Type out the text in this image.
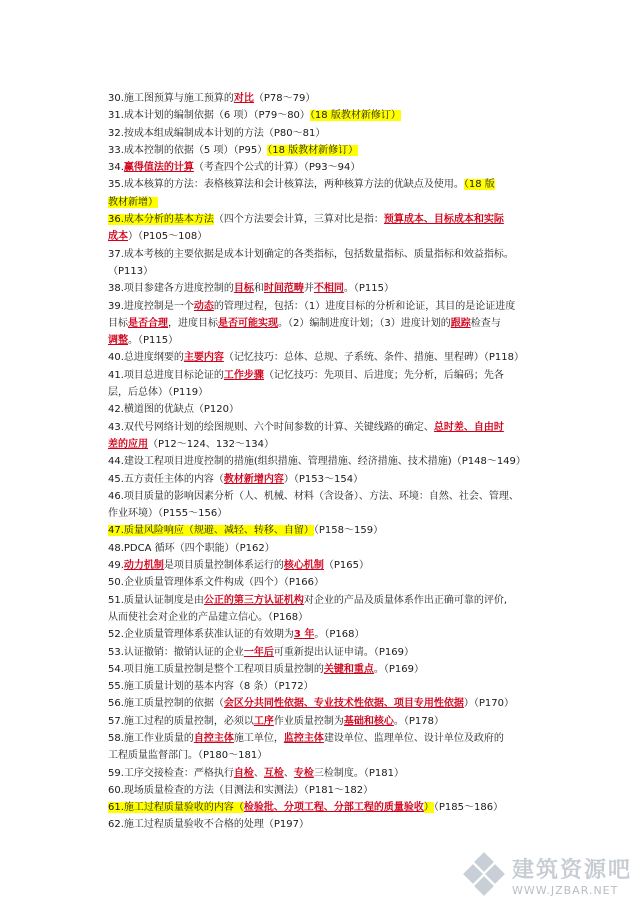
30.施工图预算与施工预算的对比（P78～79）
31.成本计划的编制依据（6 项）（P79～80）（18 版教材新修订）
32.按成本组成编制成本计划的方法（P80～81）
33.成本控制的依据（5 项）（P95）（18 版教材新修订）
34.赢得值法的计算（考查四个公式的计算）（P93～94）
35.成本核算的方法：表格核算法和会计核算法，两种核算方法的优缺点及使用。（18 版
教材新增）
36.成本分析的基本方法（四个方法要会计算，三算对比是指：预算成本、目标成本和实际
成本）（P105～108）
37.成本考核的主要依据是成本计划确定的各类指标，包括数量指标、质量指标和效益指标。
（P113）
38.项目参建各方进度控制的目标和时间范畴并不相同。（P115）
39.进度控制是一个动态的管理过程，包括：（1）进度目标的分析和论证，其目的是论证进度
目标是否合理，进度目标是否可能实现。（2）编制进度计划；（3）进度计划的跟踪检查与
调整。（P115）
40.总进度纲要的主要内容（记忆技巧：总体、总规、子系统、条件、措施、里程碑）（P118）
41.项目总进度目标论证的工作步骤（记忆技巧：先项目、后进度；先分析，后编码；先各
层，后总体）（P119）
42.横道图的优缺点（P120）
43.双代号网络计划的绘图规则、六个时间参数的计算、关键线路的确定、总时差、自由时
差的应用（P12～124、132～134）
44.建设工程项目进度控制的措施(组织措施、管理措施、经济措施、技术措施)（P148～149）
45.五方责任主体的内容（教材新增内容）（P153～154）
46.项目质量的影响因素分析（人、机械、材料（含设备）、方法、环境：自然、社会、管理、
作业环境）（P155～156）
47.质量风险响应（规避、减轻、转移、自留）（P158～159）
48.PDCA 循环（四个职能）（P162）
49.动力机制是项目质量控制体系运行的核心机制（P165）
50.企业质量管理体系文件构成（四个）（P166）
51.质量认证制度是由公正的第三方认证机构对企业的产品及质量体系作出正确可靠的评价,
从而使社会对企业的产品建立信心。（P168）
52.企业质量管理体系获准认证的有效期为3 年。（P168）
53.认证撤销：撤销认证的企业一年后可重新提出认证申请。（P169）
54.项目施工质量控制是整个工程项目质量控制的关键和重点。（P169）
55.施工质量计划的基本内容（8 条）（P172）
56.施工质量控制的依据（会区分共同性依据、专业技术性依据、项目专用性依据）（P170）
57.施工过程的质量控制，必须以工序作业质量控制为基础和核心。（P178）
58.施工作业质量的自控主体施工单位，监控主体建设单位、监理单位、设计单位及政府的
工程质量监督部门。（P180～181）
59.工序交接检查：严格执行自检、互检、专检三检制度。（P181）
60.现场质量检查的方法（目测法和实测法）（P181～182）
61.施工过程质量验收的内容（检验批、分项工程、分部工程的质量验收）（P185～186）
62.施工过程质量验收不合格的处理（P197）
建筑资源吧
WWW.JZBAR.NET
